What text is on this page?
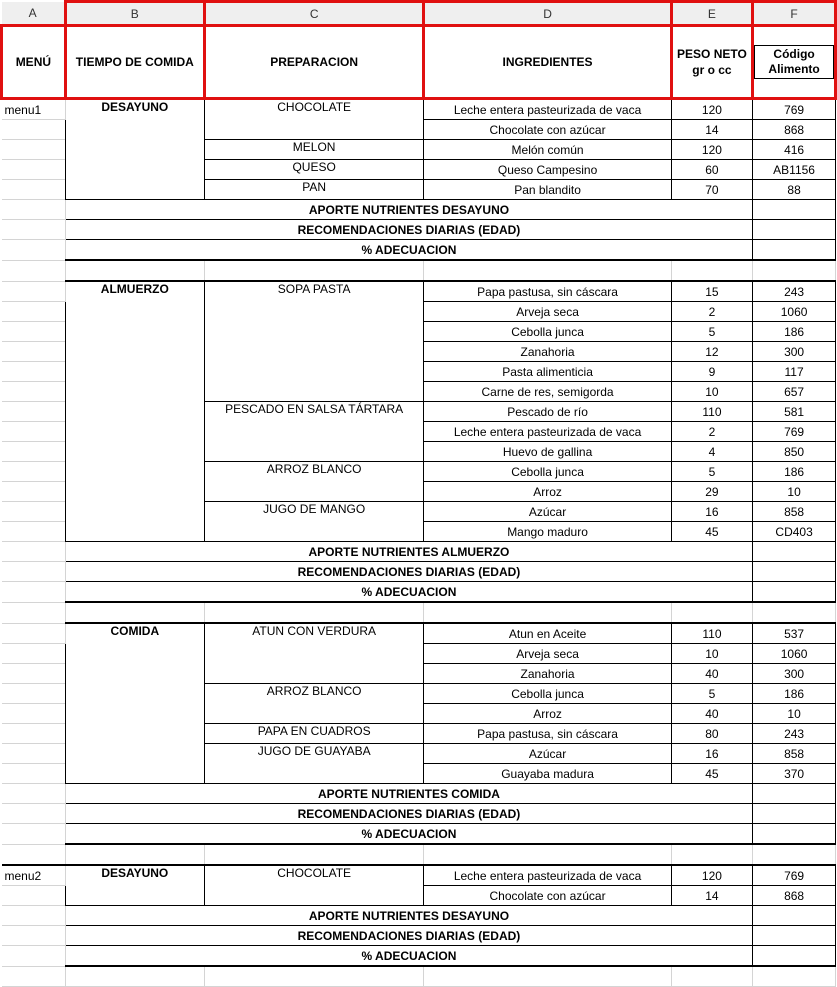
A	B	C	D	E	F
MENÚ	TIEMPO DE COMIDA	PREPARACION	INGREDIENTES	PESO NETO gr o cc	Código Alimento
menu1	DESAYUNO	CHOCOLATE	Leche entera pasteurizada de vaca	120	769
			Chocolate con azúcar	14	868
		MELON	Melón común	120	416
		QUESO	Queso Campesino	60	AB1156
		PAN	Pan blandito	70	88
	APORTE NUTRIENTES DESAYUNO				
	RECOMENDACIONES DIARIAS (EDAD)				
	% ADECUACION				

	ALMUERZO	SOPA PASTA	Papa pastusa, sin cáscara	15	243
			Arveja seca	2	1060
			Cebolla junca	5	186
			Zanahoria	12	300
			Pasta alimenticia	9	117
			Carne de res, semigorda	10	657
		PESCADO EN SALSA TÁRTARA	Pescado de río	110	581
			Leche entera pasteurizada de vaca	2	769
			Huevo de gallina	4	850
		ARROZ BLANCO	Cebolla junca	5	186
			Arroz	29	10
		JUGO DE MANGO	Azúcar	16	858
			Mango maduro	45	CD403
	APORTE NUTRIENTES ALMUERZO				
	RECOMENDACIONES DIARIAS (EDAD)				
	% ADECUACION				

	COMIDA	ATUN CON VERDURA	Atun en Aceite	110	537
			Arveja seca	10	1060
			Zanahoria	40	300
		ARROZ BLANCO	Cebolla junca	5	186
			Arroz	40	10
		PAPA EN CUADROS	Papa pastusa, sin cáscara	80	243
		JUGO DE GUAYABA	Azúcar	16	858
			Guayaba madura	45	370
	APORTE NUTRIENTES COMIDA				
	RECOMENDACIONES DIARIAS (EDAD)				
	% ADECUACION				

menu2	DESAYUNO	CHOCOLATE	Leche entera pasteurizada de vaca	120	769
			Chocolate con azúcar	14	868
	APORTE NUTRIENTES DESAYUNO				
	RECOMENDACIONES DIARIAS (EDAD)				
	% ADECUACION				
